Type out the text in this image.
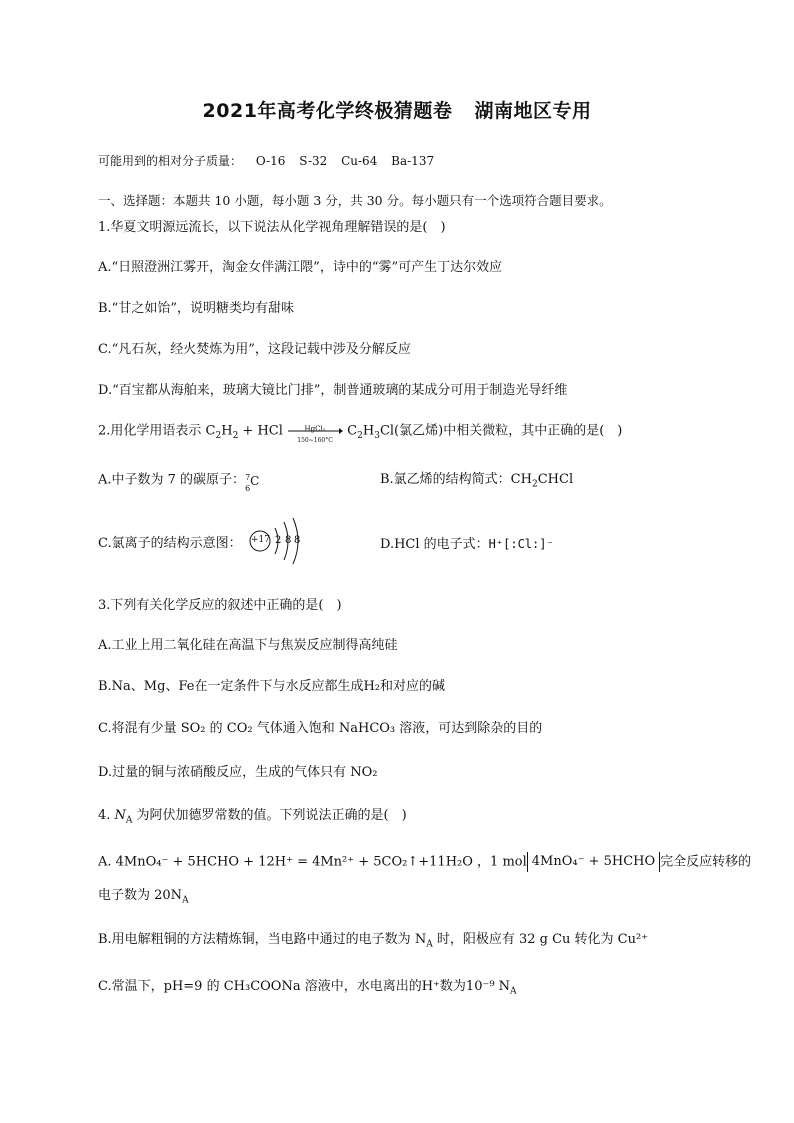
2021年高考化学终极猜题卷 湖南地区专用
可能用到的相对分子质量： O-16 S-32 Cu-64 Ba-137
一、选择题：本题共 10 小题，每小题 3 分，共 30 分。每小题只有一个选项符合题目要求。
1.华夏文明源远流长，以下说法从化学视角理解错误的是(　)
A.“日照澄洲江雾开，淘金女伴满江隈”，诗中的“雾”可产生丁达尔效应
B.“甘之如饴”，说明糖类均有甜味
C.“凡石灰，经火焚炼为用”，这段记载中涉及分解反应
D.“百宝都从海舶来，玻璃大镜比门排”，制普通玻璃的某成分可用于制造光导纤维
2.用化学用语表示 $C_2H_2$ + HCl	HgCl₂
150~160°C
$C_2H_3Cl$(氯乙烯)中相关微粒，其中正确的是(　)
A.中子数为 7 的碳原子： 7
6
C	B.氯乙烯的结构简式：$CH_2CHCl$
C.氯离子的结构示意图： +17 2 8 8	D.HCl 的电子式：H⁺[:Cl:]⁻
3.下列有关化学反应的叙述中正确的是(　)
A.工业上用二氧化硅在高温下与焦炭反应制得高纯硅
B.Na、Mg、Fe在一定条件下与水反应都生成H₂和对应的碱
C.将混有少量 SO₂ 的 CO₂ 气体通入饱和 NaHCO₃ 溶液，可达到除杂的目的
D.过量的铜与浓硝酸反应，生成的气体只有 NO₂
4. $N_A$ 为阿伏加德罗常数的值。下列说法正确的是(　)
A. 4MnO₄⁻ + 5HCHO + 12H⁺ = 4Mn²⁺ + 5CO₂↑+11H₂O ，1 mol 4MnO₄⁻ + 5HCHO 完全反应转移的
电子数为 $20N_A$
B.用电解粗铜的方法精炼铜，当电路中通过的电子数为 $N_A$ 时，阳极应有 32 g Cu 转化为 Cu²⁺
C.常温下，pH=9 的 CH₃COONa 溶液中，水电离出的H⁺数为10⁻⁹ $N_A$
